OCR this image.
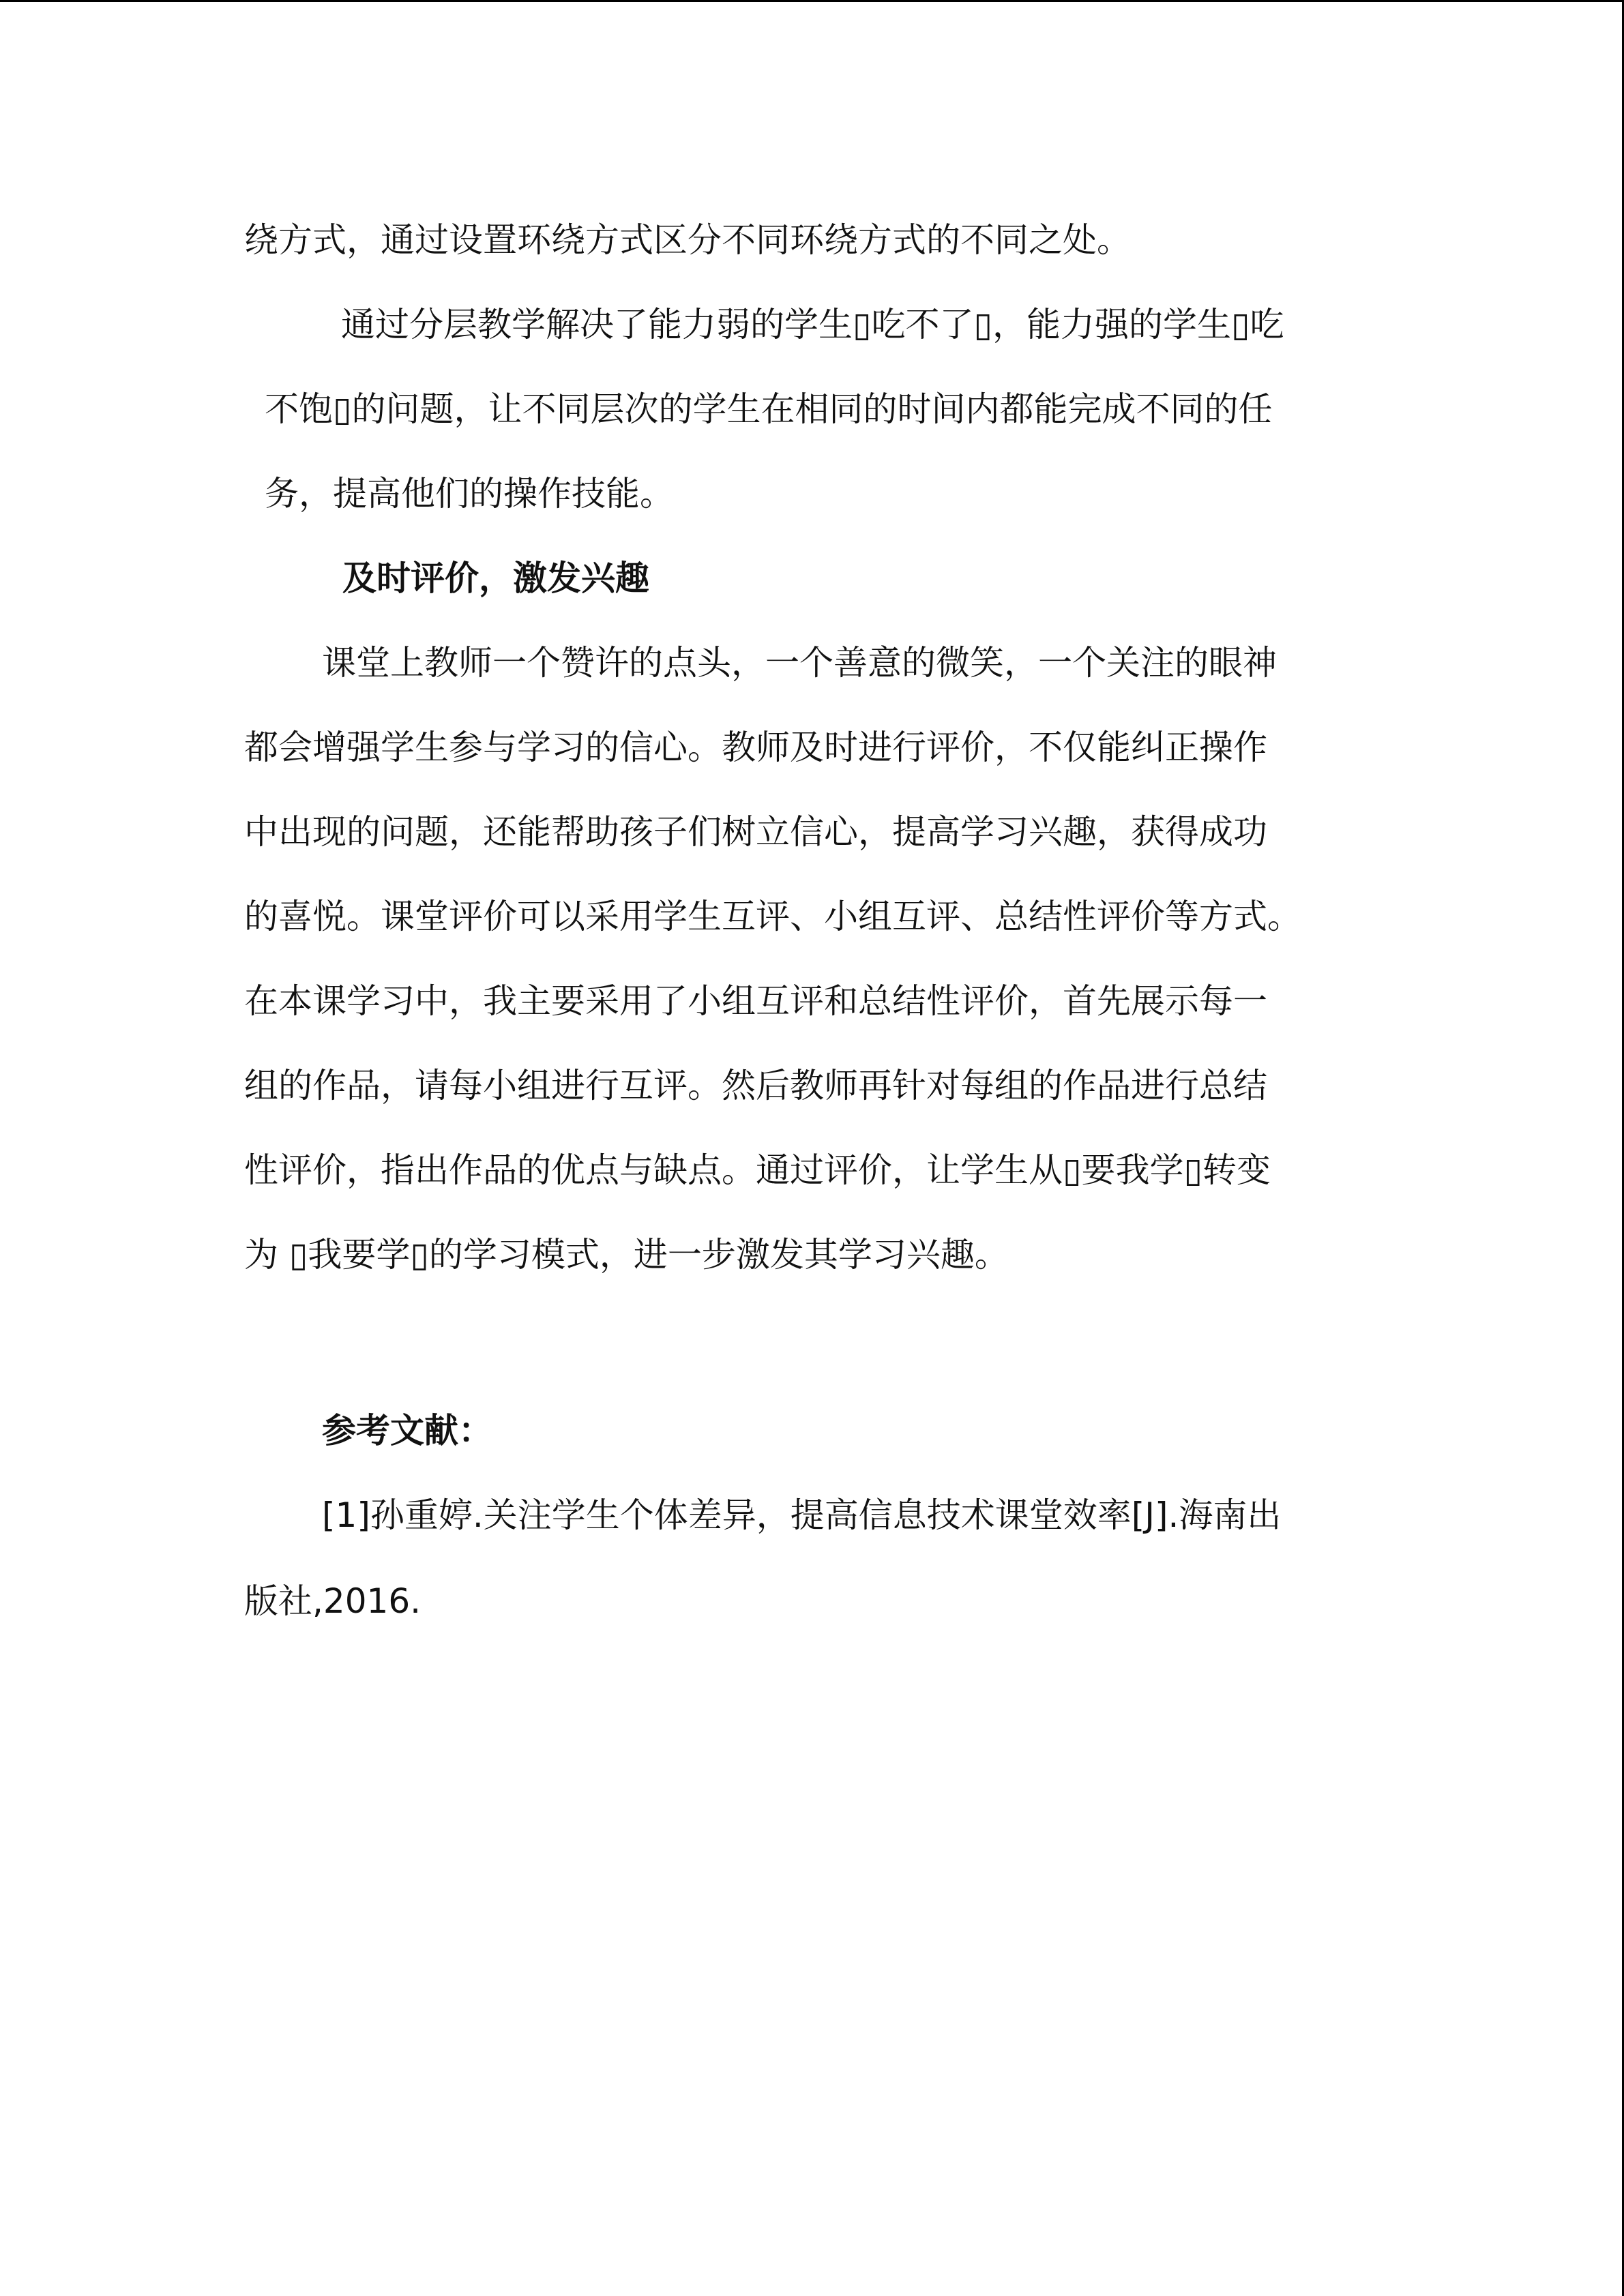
绕方式，通过设置环绕方式区分不同环绕方式的不同之处。
通过分层教学解决了能力弱的学生▯吃不了▯，能力强的学生▯吃
不饱▯的问题，让不同层次的学生在相同的时间内都能完成不同的任
务，提高他们的操作技能。
及时评价，激发兴趣
课堂上教师一个赞许的点头，一个善意的微笑，一个关注的眼神
都会增强学生参与学习的信心。教师及时进行评价，不仅能纠正操作
中出现的问题，还能帮助孩子们树立信心，提高学习兴趣，获得成功
的喜悦。课堂评价可以采用学生互评、小组互评、总结性评价等方式。
在本课学习中，我主要采用了小组互评和总结性评价，首先展示每一
组的作品，请每小组进行互评。然后教师再针对每组的作品进行总结
性评价，指出作品的优点与缺点。通过评价，让学生从▯要我学▯转变
为 ▯我要学▯的学习模式，进一步激发其学习兴趣。
参考文献：
[1]孙重婷.关注学生个体差异，提高信息技术课堂效率[J].海南出
版社,2016.
